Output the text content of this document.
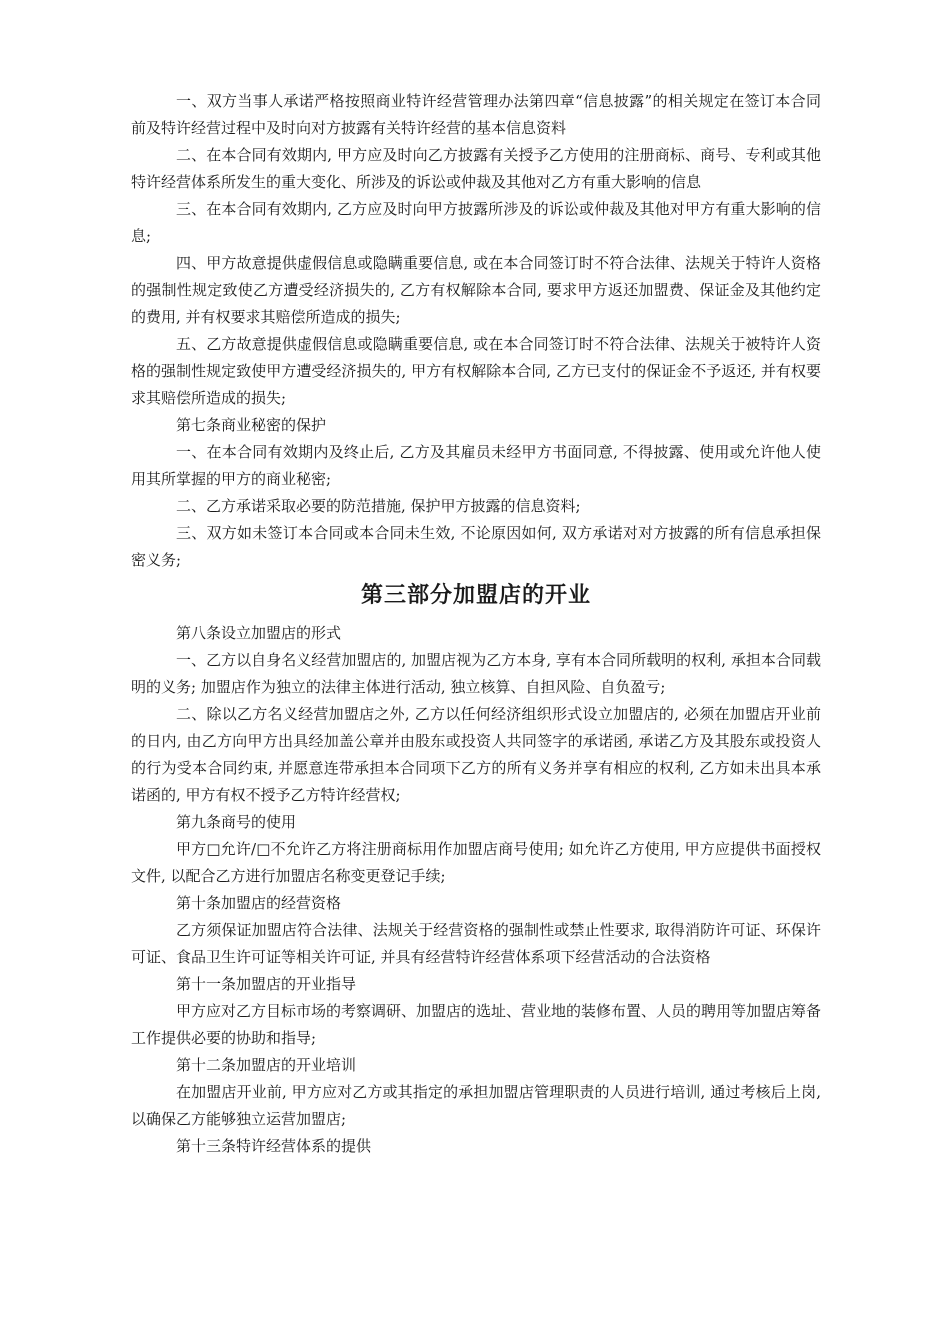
一、双方当事人承诺严格按照商业特许经营管理办法第四章“信息披露”的相关规定在签订本合同前及特许经营过程中及时向对方披露有关特许经营的基本信息资料

二、在本合同有效期内, 甲方应及时向乙方披露有关授予乙方使用的注册商标、商号、专利或其他特许经营体系所发生的重大变化、所涉及的诉讼或仲裁及其他对乙方有重大影响的信息

三、在本合同有效期内, 乙方应及时向甲方披露所涉及的诉讼或仲裁及其他对甲方有重大影响的信息;

四、甲方故意提供虚假信息或隐瞒重要信息, 或在本合同签订时不符合法律、法规关于特许人资格的强制性规定致使乙方遭受经济损失的, 乙方有权解除本合同, 要求甲方返还加盟费、保证金及其他约定的费用, 并有权要求其赔偿所造成的损失;

五、乙方故意提供虚假信息或隐瞒重要信息, 或在本合同签订时不符合法律、法规关于被特许人资格的强制性规定致使甲方遭受经济损失的, 甲方有权解除本合同, 乙方已支付的保证金不予返还, 并有权要求其赔偿所造成的损失;

第七条商业秘密的保护

一、在本合同有效期内及终止后, 乙方及其雇员未经甲方书面同意, 不得披露、使用或允许他人使用其所掌握的甲方的商业秘密;

二、乙方承诺采取必要的防范措施, 保护甲方披露的信息资料;

三、双方如未签订本合同或本合同未生效, 不论原因如何, 双方承诺对对方披露的所有信息承担保密义务;

第三部分加盟店的开业

第八条设立加盟店的形式

一、乙方以自身名义经营加盟店的, 加盟店视为乙方本身, 享有本合同所载明的权利, 承担本合同载明的义务; 加盟店作为独立的法律主体进行活动, 独立核算、自担风险、自负盈亏;

二、除以乙方名义经营加盟店之外, 乙方以任何经济组织形式设立加盟店的, 必须在加盟店开业前的日内, 由乙方向甲方出具经加盖公章并由股东或投资人共同签字的承诺函, 承诺乙方及其股东或投资人的行为受本合同约束, 并愿意连带承担本合同项下乙方的所有义务并享有相应的权利, 乙方如未出具本承诺函的, 甲方有权不授予乙方特许经营权;

第九条商号的使用

甲方□允许/□不允许乙方将注册商标用作加盟店商号使用; 如允许乙方使用, 甲方应提供书面授权文件, 以配合乙方进行加盟店名称变更登记手续;

第十条加盟店的经营资格

乙方须保证加盟店符合法律、法规关于经营资格的强制性或禁止性要求, 取得消防许可证、环保许可证、食品卫生许可证等相关许可证, 并具有经营特许经营体系项下经营活动的合法资格

第十一条加盟店的开业指导

甲方应对乙方目标市场的考察调研、加盟店的选址、营业地的装修布置、人员的聘用等加盟店筹备工作提供必要的协助和指导;

第十二条加盟店的开业培训

在加盟店开业前, 甲方应对乙方或其指定的承担加盟店管理职责的人员进行培训, 通过考核后上岗, 以确保乙方能够独立运营加盟店;

第十三条特许经营体系的提供
